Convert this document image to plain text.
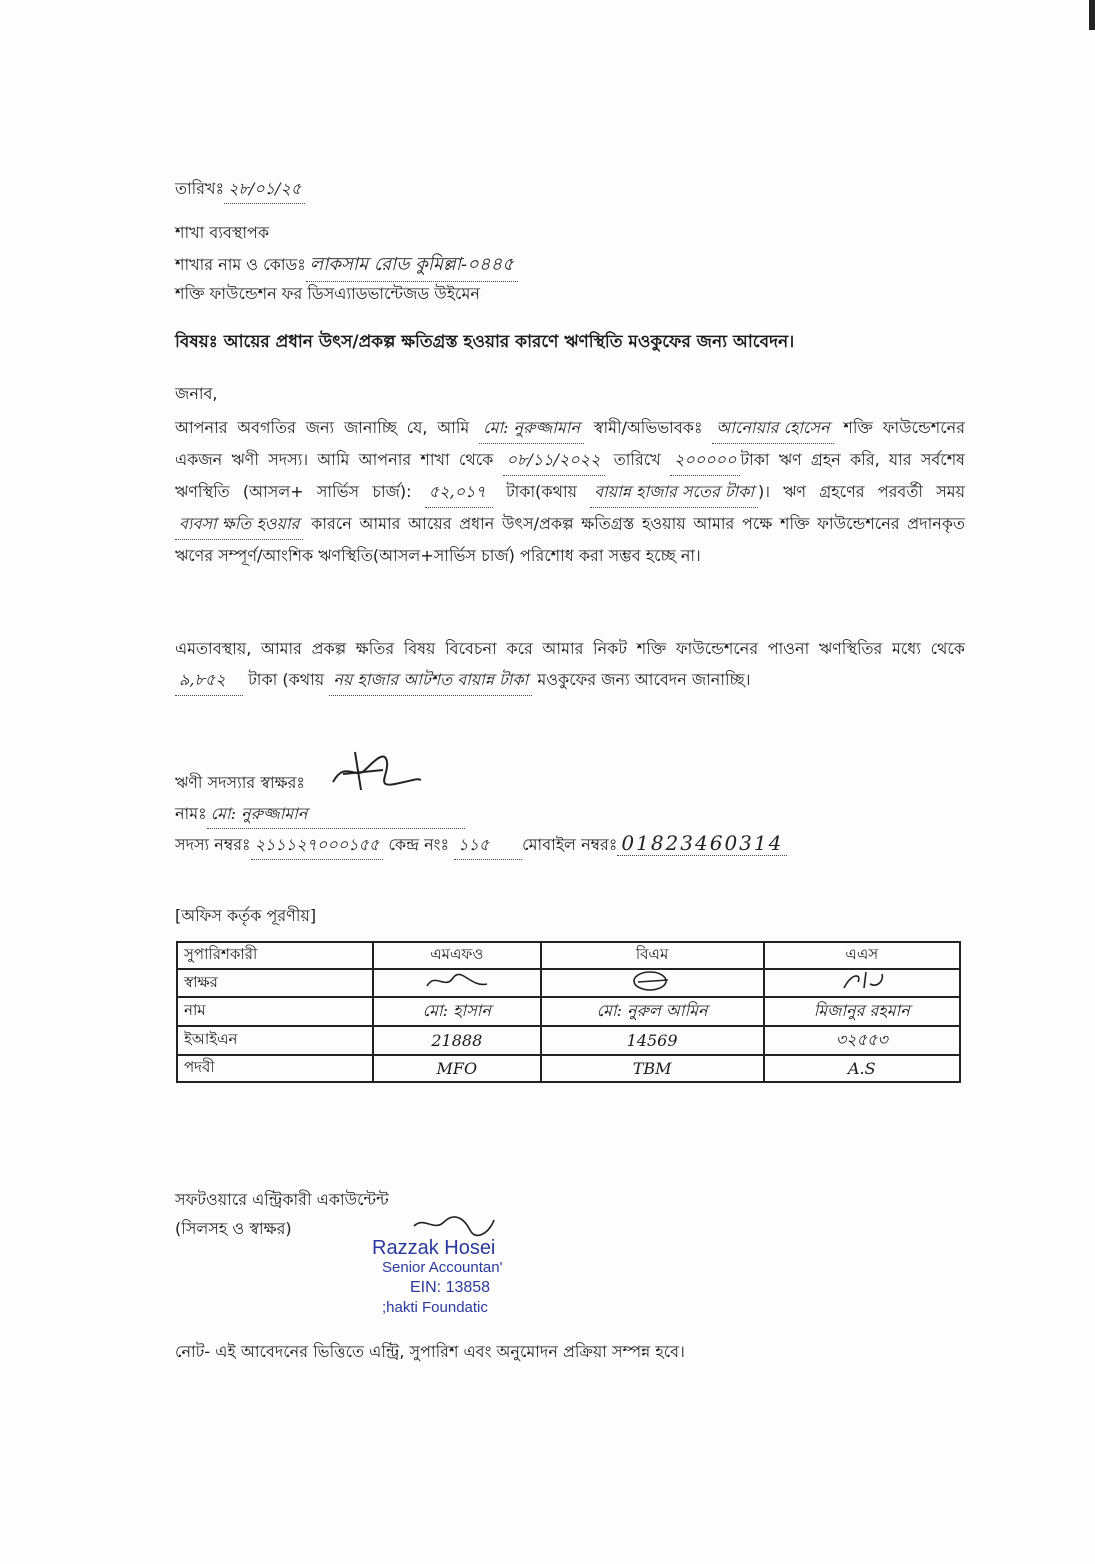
তারিখঃ ২৮/০১/২৫
শাখা ব্যবস্থাপক
শাখার নাম ও কোডঃ লাকসাম রোড কুমিল্লা-০৪৪৫
শক্তি ফাউন্ডেশন ফর ডিসএ্যাডভান্টেজড উইমেন
বিষয়ঃ আয়ের প্রধান উৎস/প্রকল্প ক্ষতিগ্রস্ত হওয়ার কারণে ঋণস্থিতি মওকুফের জন্য আবেদন।
জনাব,
আপনার অবগতির জন্য জানাচ্ছি যে, আমি মো: নুরুজ্জামান স্বামী/অভিভাবকঃ আনোয়ার হোসেন শক্তি ফাউন্ডেশনের একজন ঋণী সদস্য। আমি আপনার শাখা থেকে ০৮/১১/২০২২ তারিখে ২০০০০০ টাকা ঋণ গ্রহন করি, যার সর্বশেষ ঋণস্থিতি (আসল+ সার্ভিস চার্জ): ৫২,০১৭ টাকা(কথায় বায়ান্ন হাজার সতের টাকা )। ঋণ গ্রহণের পরবর্তী সময় ব্যবসা ক্ষতি হওয়ার কারনে আমার আয়ের প্রধান উৎস/প্রকল্প ক্ষতিগ্রস্ত হওয়ায় আমার পক্ষে শক্তি ফাউন্ডেশনের প্রদানকৃত ঋণের সম্পূর্ণ/আংশিক ঋণস্থিতি(আসল+সার্ভিস চার্জ) পরিশোধ করা সম্ভব হচ্ছে না।
এমতাবস্থায়, আমার প্রকল্প ক্ষতির বিষয় বিবেচনা করে আমার নিকট শক্তি ফাউন্ডেশনের পাওনা ঋণস্থিতির মধ্যে থেকে৯,৮৫২ টাকা (কথায় নয় হাজার আটশত বায়ান্ন টাকা মওকুফের জন্য আবেদন জানাচ্ছি।
ঋণী সদস্যার স্বাক্ষরঃ
নামঃ মো: নুরুজ্জামান
সদস্য নম্বরঃ ২১১১২৭০০০১৫৫ কেন্দ্র নংঃ ১১৫ মোবাইল নম্বরঃ 01823460314
[অফিস কর্তৃক পূরণীয়]
সুপারিশকারী	এমএফও	বিএম	এএস
স্বাক্ষর			
নাম	মো: হাসান	মো: নুরুল আমিন	মিজানুর রহমান
ইআইএন	21888	14569	৩২৫৫৩
পদবী	MFO	TBM	A.S
সফটওয়ারে এন্ট্রিকারী একাউন্টেন্ট
(সিলসহ ও স্বাক্ষর)
Razzak Hosei
Senior Accountan'
EIN: 13858
;hakti Foundatic
নোট- এই আবেদনের ভিত্তিতে এন্ট্রি, সুপারিশ এবং অনুমোদন প্রক্রিয়া সম্পন্ন হবে।
